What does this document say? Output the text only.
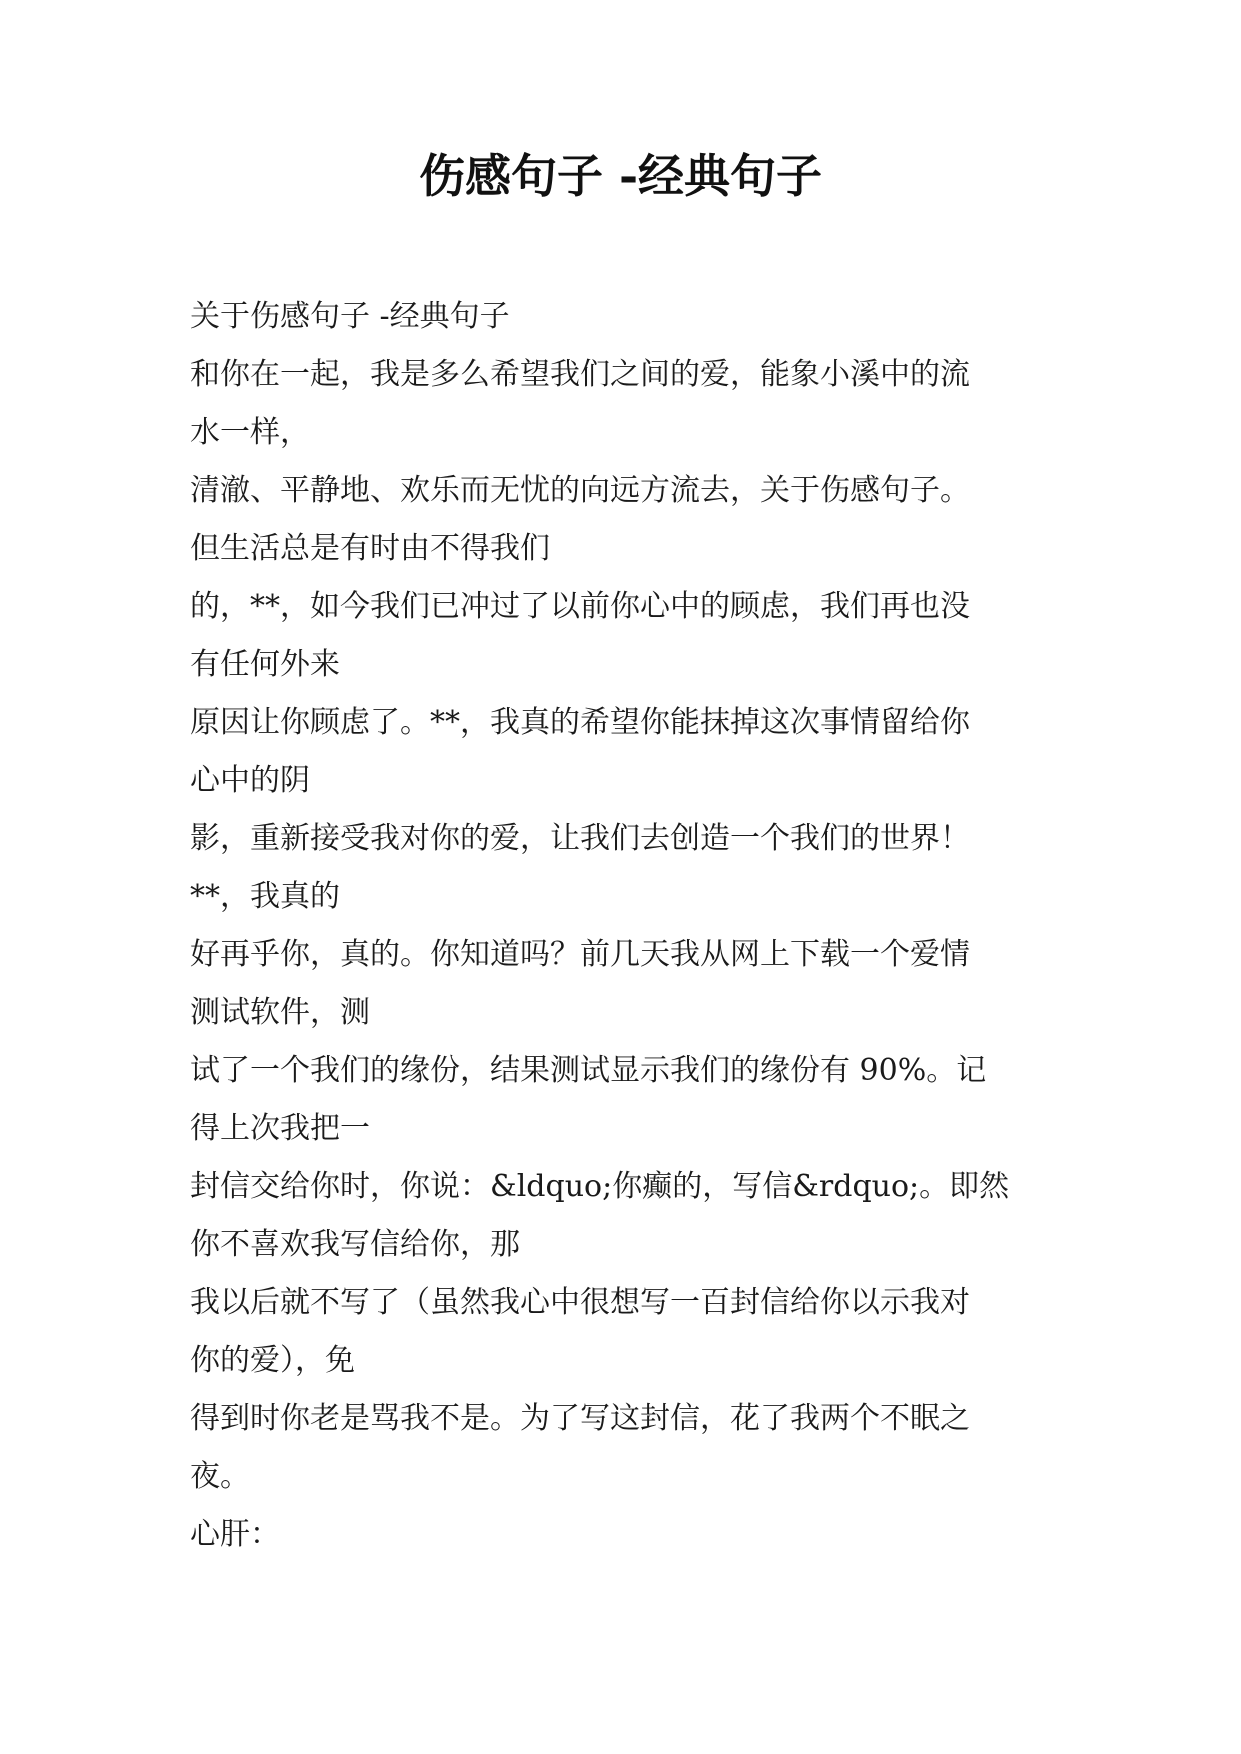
伤感句子 -经典句子
关于伤感句子 -经典句子
和你在一起，我是多么希望我们之间的爱，能象小溪中的流
水一样，
清澈、平静地、欢乐而无忧的向远方流去，关于伤感句子。
但生活总是有时由不得我们
的，**，如今我们已冲过了以前你心中的顾虑，我们再也没
有任何外来
原因让你顾虑了。**，我真的希望你能抹掉这次事情留给你
心中的阴
影，重新接受我对你的爱，让我们去创造一个我们的世界！
**，我真的
好再乎你，真的。你知道吗？前几天我从网上下载一个爱情
测试软件，测
试了一个我们的缘份，结果测试显示我们的缘份有 90%。记
得上次我把一
封信交给你时，你说：&ldquo;你癫的，写信&rdquo;。即然
你不喜欢我写信给你，那
我以后就不写了（虽然我心中很想写一百封信给你以示我对
你的爱），免
得到时你老是骂我不是。为了写这封信，花了我两个不眠之
夜。
心肝：
